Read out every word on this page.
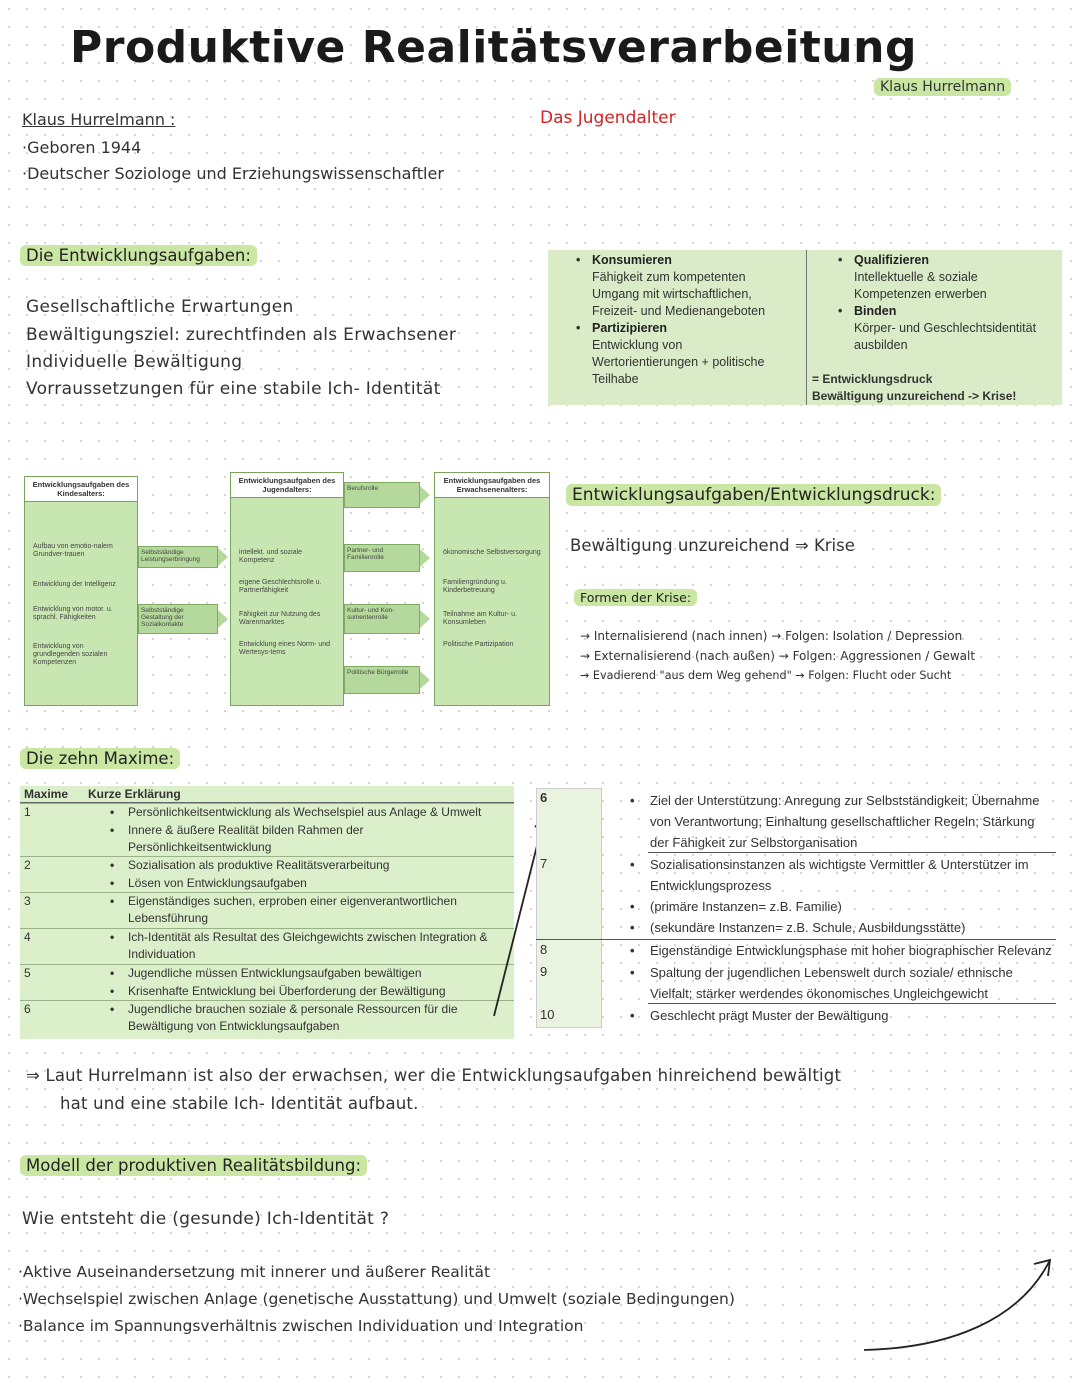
Produktive Realitätsverarbeitung
Klaus Hurrelmann
Das Jugendalter
Klaus Hurrelmann :
·Geboren 1944
·Deutscher Soziologe und Erziehungswissenschaftler
Die Entwicklungsaufgaben:
Gesellschaftliche Erwartungen
Bewältigungsziel: zurechtfinden als Erwachsener
Individuelle Bewältigung
Vorraussetzungen für eine stabile Ich- Identität
• Konsumieren
Fähigkeit zum kompetenten
Umgang mit wirtschaftlichen,
Freizeit- und Medienangeboten
• Partizipieren
Entwicklung von
Wertorientierungen + politische
Teilhabe
• Qualifizieren
Intellektuelle & soziale
Kompetenzen erwerben
• Binden
Körper- und Geschlechtsidentität
ausbilden
= Entwicklungsdruck
Bewältigung unzureichend -> Krise!
Entwicklungsaufgaben des Kindesalters:
Aufbau von emotio-nalem Grundver-trauen
Entwicklung der Intelligenz
Entwicklung von motor. u. sprachl. Fähigkeiten
Entwicklung von grundlegenden sozialen Kompetenzen
Selbstständige Leistungserbringung
Selbstständige Gestaltung der Sozialkontakte
Entwicklungsaufgaben des Jugendalters:
intellekt. und soziale Kompetenz
eigene Geschlechtsrolle u. Partnerfähigkeit
Fähigkeit zur Nutzung des Warenmarktes
Entwicklung eines Norm- und Wertesys-tems
Berufsrolle
Partner- und Familienrolle
Kultur- und Kon-sumentenrolle
Politische Bürgerrolle
Entwicklungsaufgaben des Erwachsenenalters:
ökonomische Selbstversorgung
Familiengründung u. Kinderbetreuung
Teilnahme am Kultur- u. Konsumleben
Politische Partizipation
Entwicklungsaufgaben/Entwicklungsdruck:
Bewältigung unzureichend ⇒ Krise
Formen der Krise:
→ Internalisierend (nach innen) → Folgen: Isolation / Depression
→ Externalisierend (nach außen) → Folgen: Aggressionen / Gewalt
→ Evadierend "aus dem Weg gehend" → Folgen: Flucht oder Sucht
Die zehn Maxime:
Maxime Kurze Erklärung
1	• Persönlichkeitsentwicklung als Wechselspiel aus Anlage & Umwelt
• Innere & äußere Realität bilden Rahmen der Persönlichkeitsentwicklung
2	• Sozialisation als produktive Realitätsverarbeitung
• Lösen von Entwicklungsaufgaben
3	• Eigenständiges suchen, erproben einer eigenverantwortlichen Lebensführung
4	• Ich-Identität als Resultat des Gleichgewichts zwischen Integration & Individuation
5	• Jugendliche müssen Entwicklungsaufgaben bewältigen
• Krisenhafte Entwicklung bei Überforderung der Bewältigung
6	• Jugendliche brauchen soziale & personale Ressourcen für die Bewältigung von Entwicklungsaufgaben
6	• Ziel der Unterstützung: Anregung zur Selbstständigkeit; Übernahme von Verantwortung; Einhaltung gesellschaftlicher Regeln; Stärkung der Fähigkeit zur Selbstorganisation
7	• Sozialisationsinstanzen als wichtigste Vermittler & Unterstützer im Entwicklungsprozess
• (primäre Instanzen= z.B. Familie)
• (sekundäre Instanzen= z.B. Schule, Ausbildungsstätte)
8	• Eigenständige Entwicklungsphase mit hoher biographischer Relevanz
9	• Spaltung der jugendlichen Lebenswelt durch soziale/ ethnische Vielfalt; stärker werdendes ökonomisches Ungleichgewicht
10	• Geschlecht prägt Muster der Bewältigung
⇒ Laut Hurrelmann ist also der erwachsen, wer die Entwicklungsaufgaben hinreichend bewältigt
hat und eine stabile Ich- Identität aufbaut.
Modell der produktiven Realitätsbildung:
Wie entsteht die (gesunde) Ich-Identität ?
·Aktive Auseinandersetzung mit innerer und äußerer Realität
·Wechselspiel zwischen Anlage (genetische Ausstattung) und Umwelt (soziale Bedingungen)
·Balance im Spannungsverhältnis zwischen Individuation und Integration
